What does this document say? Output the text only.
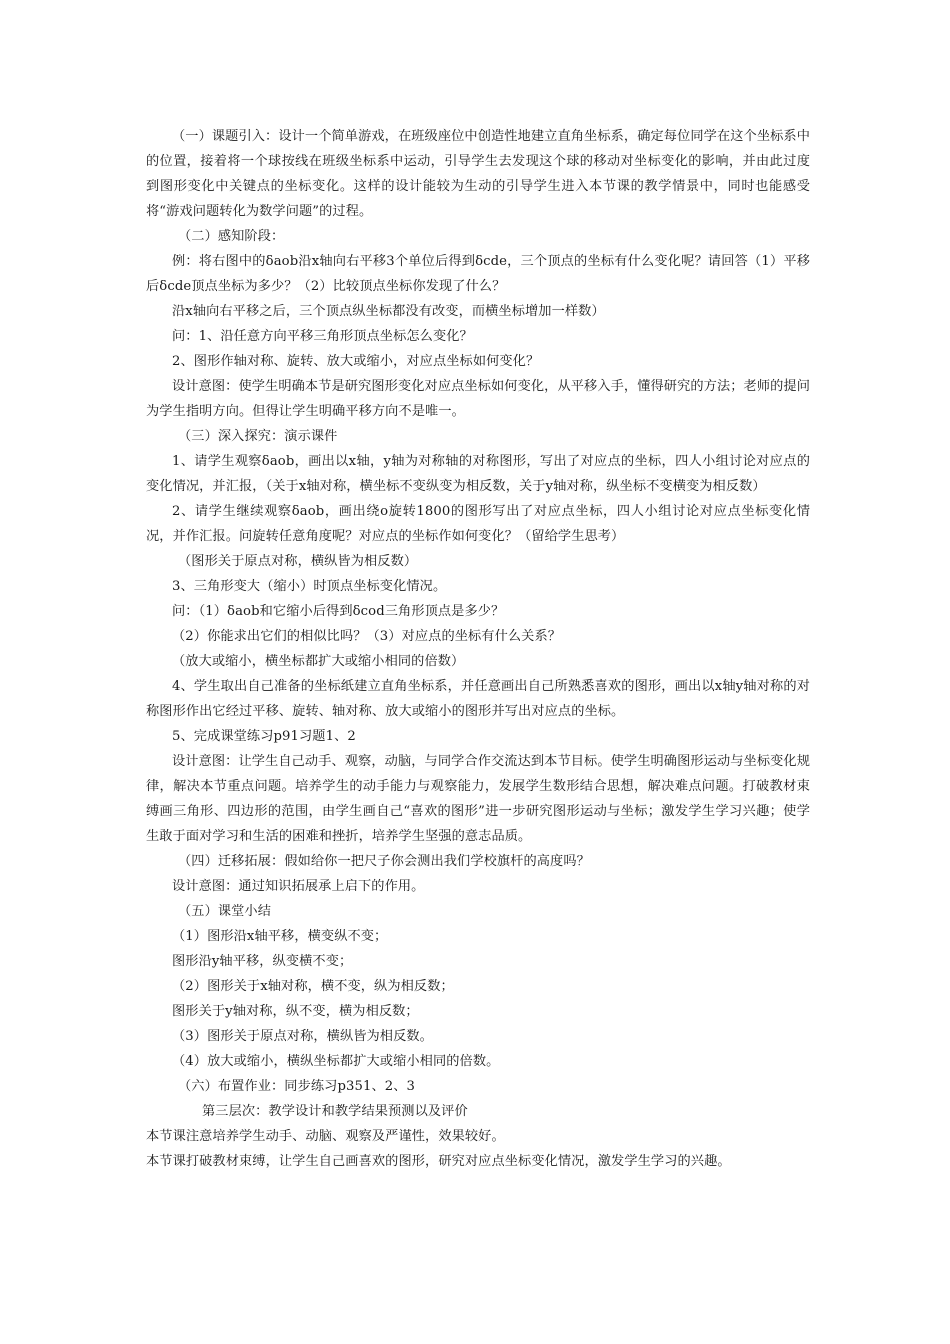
（一）课题引入：设计一个简单游戏，在班级座位中创造性地建立直角坐标系，确定每位同学在这个坐标系中的位置，接着将一个球按线在班级坐标系中运动，引导学生去发现这个球的移动对坐标变化的影响，并由此过度到图形变化中关键点的坐标变化。这样的设计能较为生动的引导学生进入本节课的教学情景中，同时也能感受将“游戏问题转化为数学问题”的过程。

（二）感知阶段：

例：将右图中的δaob沿x轴向右平移3个单位后得到δcde，三个顶点的坐标有什么变化呢？请回答（1）平移后δcde顶点坐标为多少？（2）比较顶点坐标你发现了什么？

沿x轴向右平移之后，三个顶点纵坐标都没有改变，而横坐标增加一样数）

问：1、沿任意方向平移三角形顶点坐标怎么变化？

2、图形作轴对称、旋转、放大或缩小，对应点坐标如何变化？

设计意图：使学生明确本节是研究图形变化对应点坐标如何变化，从平移入手，懂得研究的方法；老师的提问为学生指明方向。但得让学生明确平移方向不是唯一。

（三）深入探究：演示课件

1、请学生观察δaob，画出以x轴，y轴为对称轴的对称图形，写出了对应点的坐标，四人小组讨论对应点的变化情况，并汇报，（关于x轴对称，横坐标不变纵变为相反数，关于y轴对称，纵坐标不变横变为相反数）

2、请学生继续观察δaob，画出绕o旋转1800的图形写出了对应点坐标，四人小组讨论对应点坐标变化情况，并作汇报。问旋转任意角度呢？对应点的坐标作如何变化？（留给学生思考）

（图形关于原点对称，横纵皆为相反数）

3、三角形变大（缩小）时顶点坐标变化情况。

问：（1）δaob和它缩小后得到δcod三角形顶点是多少？

（2）你能求出它们的相似比吗？（3）对应点的坐标有什么关系？

（放大或缩小，横坐标都扩大或缩小相同的倍数）

4、学生取出自己准备的坐标纸建立直角坐标系，并任意画出自己所熟悉喜欢的图形，画出以x轴y轴对称的对称图形作出它经过平移、旋转、轴对称、放大或缩小的图形并写出对应点的坐标。

5、完成课堂练习p91习题1、2

设计意图：让学生自己动手、观察，动脑，与同学合作交流达到本节目标。使学生明确图形运动与坐标变化规律，解决本节重点问题。培养学生的动手能力与观察能力，发展学生数形结合思想，解决难点问题。打破教材束缚画三角形、四边形的范围，由学生画自己“喜欢的图形”进一步研究图形运动与坐标；激发学生学习兴趣；使学生敢于面对学习和生活的困难和挫折，培养学生坚强的意志品质。

（四）迁移拓展：假如给你一把尺子你会测出我们学校旗杆的高度吗？

设计意图：通过知识拓展承上启下的作用。

（五）课堂小结

（1）图形沿x轴平移，横变纵不变；

图形沿y轴平移，纵变横不变；

（2）图形关于x轴对称，横不变，纵为相反数；

图形关于y轴对称，纵不变，横为相反数；

（3）图形关于原点对称，横纵皆为相反数。

（4）放大或缩小，横纵坐标都扩大或缩小相同的倍数。

（六）布置作业：同步练习p351、2、3

第三层次：教学设计和教学结果预测以及评价

本节课注意培养学生动手、动脑、观察及严谨性，效果较好。

本节课打破教材束缚，让学生自己画喜欢的图形，研究对应点坐标变化情况，激发学生学习的兴趣。
